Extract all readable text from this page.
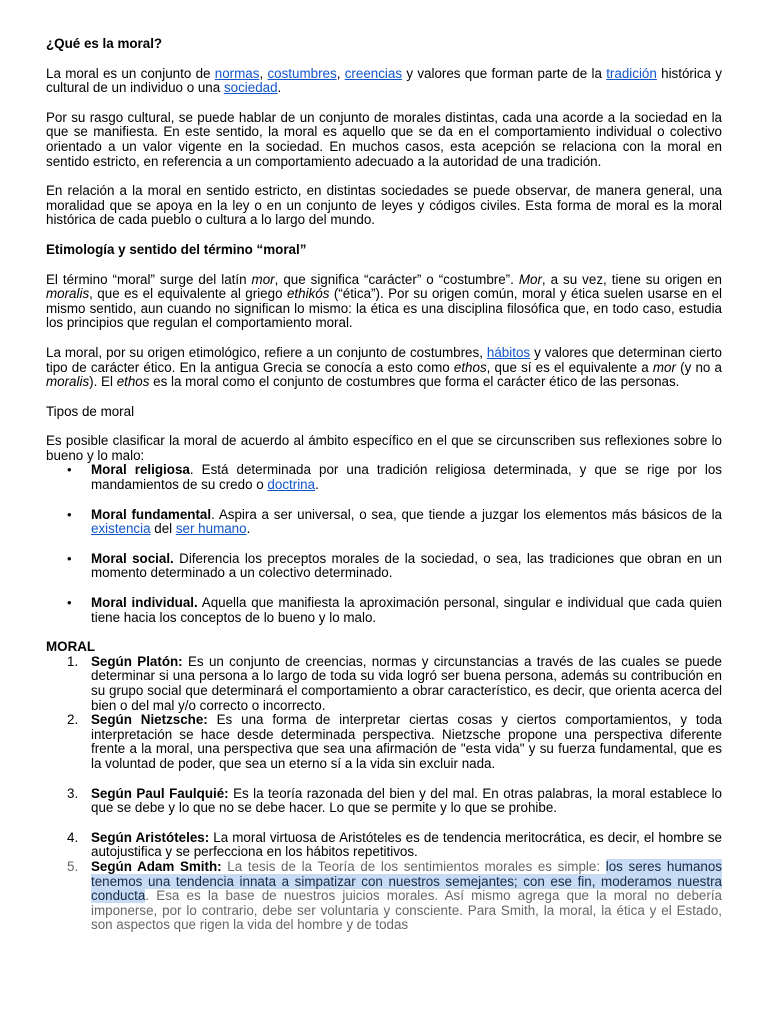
¿Qué es la moral?

La moral es un conjunto de normas, costumbres, creencias y valores que forman parte de la tradición histórica y cultural de un individuo o una sociedad.

Por su rasgo cultural, se puede hablar de un conjunto de morales distintas, cada una acorde a la sociedad en la que se manifiesta. En este sentido, la moral es aquello que se da en el comportamiento individual o colectivo orientado a un valor vigente en la sociedad. En muchos casos, esta acepción se relaciona con la moral en sentido estricto, en referencia a un comportamiento adecuado a la autoridad de una tradición.

En relación a la moral en sentido estricto, en distintas sociedades se puede observar, de manera general, una moralidad que se apoya en la ley o en un conjunto de leyes y códigos civiles. Esta forma de moral es la moral histórica de cada pueblo o cultura a lo largo del mundo.

Etimología y sentido del término “moral”

El término “moral” surge del latín mor, que significa “carácter” o “costumbre”. Mor, a su vez, tiene su origen en moralis, que es el equivalente al griego ethikós (“ética”). Por su origen común, moral y ética suelen usarse en el mismo sentido, aun cuando no significan lo mismo: la ética es una disciplina filosófica que, en todo caso, estudia los principios que regulan el comportamiento moral.

La moral, por su origen etimológico, refiere a un conjunto de costumbres, hábitos y valores que determinan cierto tipo de carácter ético. En la antigua Grecia se conocía a esto como ethos, que sí es el equivalente a mor (y no a moralis). El ethos es la moral como el conjunto de costumbres que forma el carácter ético de las personas.

Tipos de moral

Es posible clasificar la moral de acuerdo al ámbito específico en el que se circunscriben sus reflexiones sobre lo bueno y lo malo:

• Moral religiosa. Está determinada por una tradición religiosa determinada, y que se rige por los mandamientos de su credo o doctrina.
• Moral fundamental. Aspira a ser universal, o sea, que tiende a juzgar los elementos más básicos de la existencia del ser humano.
• Moral social. Diferencia los preceptos morales de la sociedad, o sea, las tradiciones que obran en un momento determinado a un colectivo determinado.
• Moral individual. Aquella que manifiesta la aproximación personal, singular e individual que cada quien tiene hacia los conceptos de lo bueno y lo malo.

MORAL

1. Según Platón: Es un conjunto de creencias, normas y circunstancias a través de las cuales se puede determinar si una persona a lo largo de toda su vida logró ser buena persona, además su contribución en su grupo social que determinará el comportamiento a obrar característico, es decir, que orienta acerca del bien o del mal y/o correcto o incorrecto.
2. Según Nietzsche: Es una forma de interpretar ciertas cosas y ciertos comportamientos, y toda interpretación se hace desde determinada perspectiva. Nietzsche propone una perspectiva diferente frente a la moral, una perspectiva que sea una afirmación de "esta vida" y su fuerza fundamental, que es la voluntad de poder, que sea un eterno sí a la vida sin excluir nada.
3. Según Paul Faulquié: Es la teoría razonada del bien y del mal. En otras palabras, la moral establece lo que se debe y lo que no se debe hacer. Lo que se permite y lo que se prohibe.
4. Según Aristóteles: La moral virtuosa de Aristóteles es de tendencia meritocrática, es decir, el hombre se autojustifica y se perfecciona en los hábitos repetitivos.
5. Según Adam Smith: La tesis de la Teoría de los sentimientos morales es simple: los seres humanos tenemos una tendencia innata a simpatizar con nuestros semejantes; con ese fin, moderamos nuestra conducta. Esa es la base de nuestros juicios morales. Así mismo agrega que la moral no debería imponerse, por lo contrario, debe ser voluntaria y consciente. Para Smith, la moral, la ética y el Estado, son aspectos que rigen la vida del hombre y de todas
